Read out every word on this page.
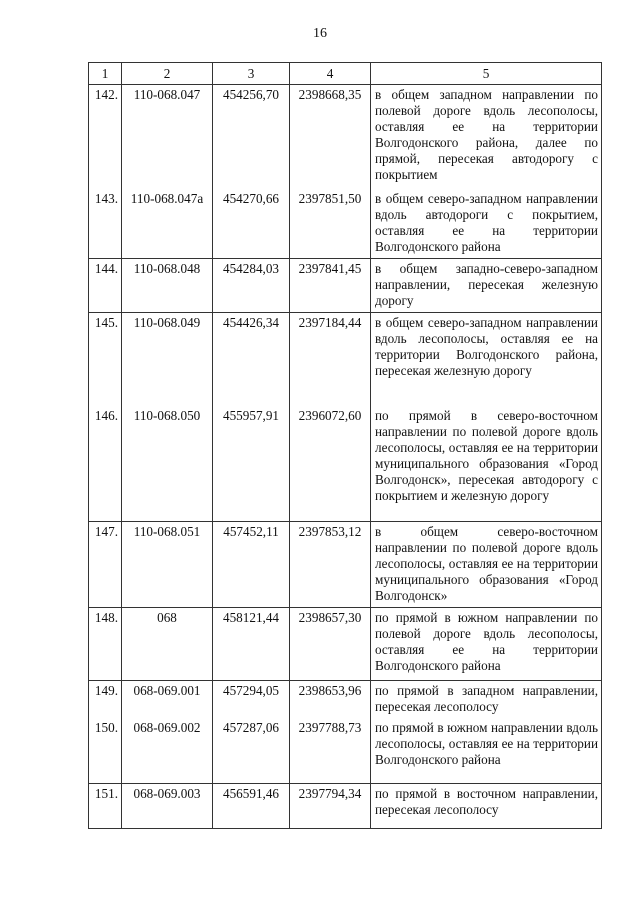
16
1	2	3	4	5
142.	110-068.047	454256,70	2398668,35	в общем западном направлении по полевой дороге вдоль лесополосы, оставляя ее на территории Волгодонского района, далее по прямой, пересекая автодорогу с покрытием
143.	110-068.047а	454270,66	2397851,50	в общем северо-западном направлении вдоль автодороги с покрытием, оставляя ее на территории Волгодонского района
144.	110-068.048	454284,03	2397841,45	в общем западно-северо-западном направлении, пересекая железную дорогу
145.	110-068.049	454426,34	2397184,44	в общем северо-западном направлении вдоль лесополосы, оставляя ее на территории Волгодонского района, пересекая железную дорогу
146.	110-068.050	455957,91	2396072,60	по прямой в северо-восточном направлении по полевой дороге вдоль лесополосы, оставляя ее на территории муниципального образования «Город Волгодонск», пересекая автодорогу с покрытием и железную дорогу
147.	110-068.051	457452,11	2397853,12	в общем северо-восточном направлении по полевой дороге вдоль лесополосы, оставляя ее на территории муниципального образования «Город Волгодонск»
148.	068	458121,44	2398657,30	по прямой в южном направлении по полевой дороге вдоль лесополосы, оставляя ее на территории Волгодонского района
149.	068-069.001	457294,05	2398653,96	по прямой в западном направлении, пересекая лесополосу
150.	068-069.002	457287,06	2397788,73	по прямой в южном направлении вдоль лесополосы, оставляя ее на территории Волгодонского района
151.	068-069.003	456591,46	2397794,34	по прямой в восточном направлении, пересекая лесополосу
